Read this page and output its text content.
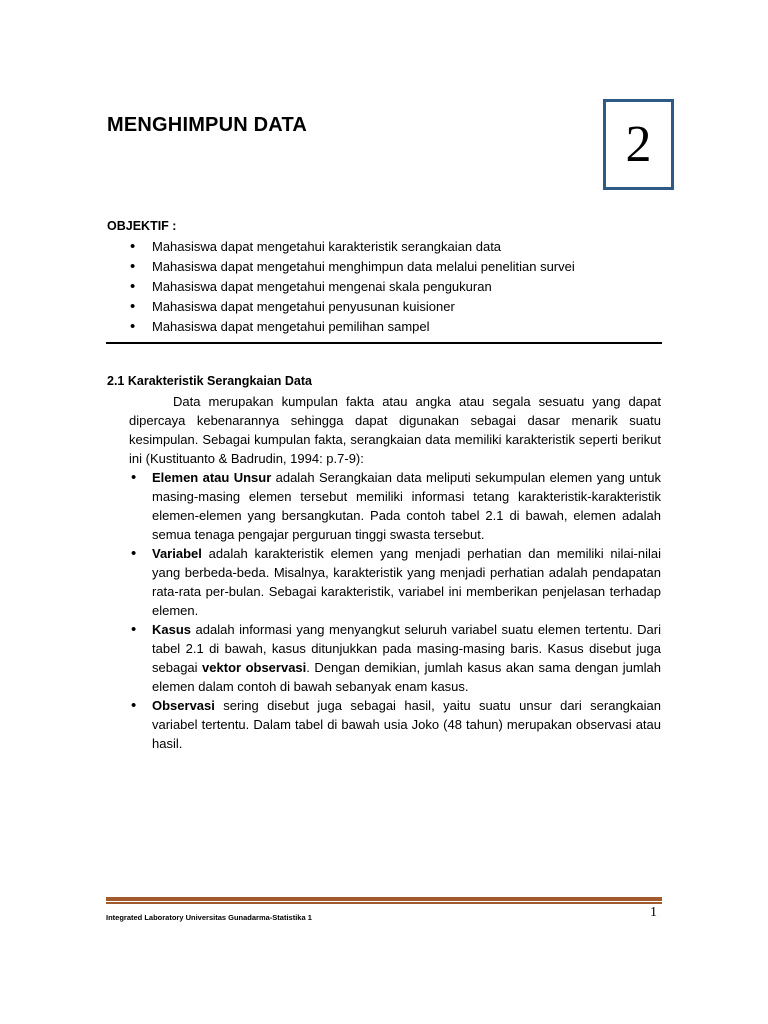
MENGHIMPUN DATA	2
OBJEKTIF :
• Mahasiswa dapat mengetahui karakteristik serangkaian data
• Mahasiswa dapat mengetahui menghimpun data melalui penelitian survei
• Mahasiswa dapat mengetahui mengenai skala pengukuran
• Mahasiswa dapat mengetahui penyusunan kuisioner
• Mahasiswa dapat mengetahui pemilihan sampel
2.1 Karakteristik Serangkaian Data

Data merupakan kumpulan fakta atau angka atau segala sesuatu yang dapat dipercaya kebenarannya sehingga dapat digunakan sebagai dasar menarik suatu kesimpulan. Sebagai kumpulan fakta, serangkaian data memiliki karakteristik seperti berikut ini (Kustituanto & Badrudin, 1994: p.7-9):

• Elemen atau Unsur adalah Serangkaian data meliputi sekumpulan elemen yang untuk masing-masing elemen tersebut memiliki informasi tetang karakteristik-karakteristik elemen-elemen yang bersangkutan. Pada contoh tabel 2.1 di bawah, elemen adalah semua tenaga pengajar perguruan tinggi swasta tersebut.
• Variabel adalah karakteristik elemen yang menjadi perhatian dan memiliki nilai-nilai yang berbeda-beda. Misalnya, karakteristik yang menjadi perhatian adalah pendapatan rata-rata per-bulan. Sebagai karakteristik, variabel ini memberikan penjelasan terhadap elemen.
• Kasus adalah informasi yang menyangkut seluruh variabel suatu elemen tertentu. Dari tabel 2.1 di bawah, kasus ditunjukkan pada masing-masing baris. Kasus disebut juga sebagai vektor observasi. Dengan demikian, jumlah kasus akan sama dengan jumlah elemen dalam contoh di bawah sebanyak enam kasus.
• Observasi sering disebut juga sebagai hasil, yaitu suatu unsur dari serangkaian variabel tertentu. Dalam tabel di bawah usia Joko (48 tahun) merupakan observasi atau hasil.
Integrated Laboratory Universitas Gunadarma-Statistika 1	1
